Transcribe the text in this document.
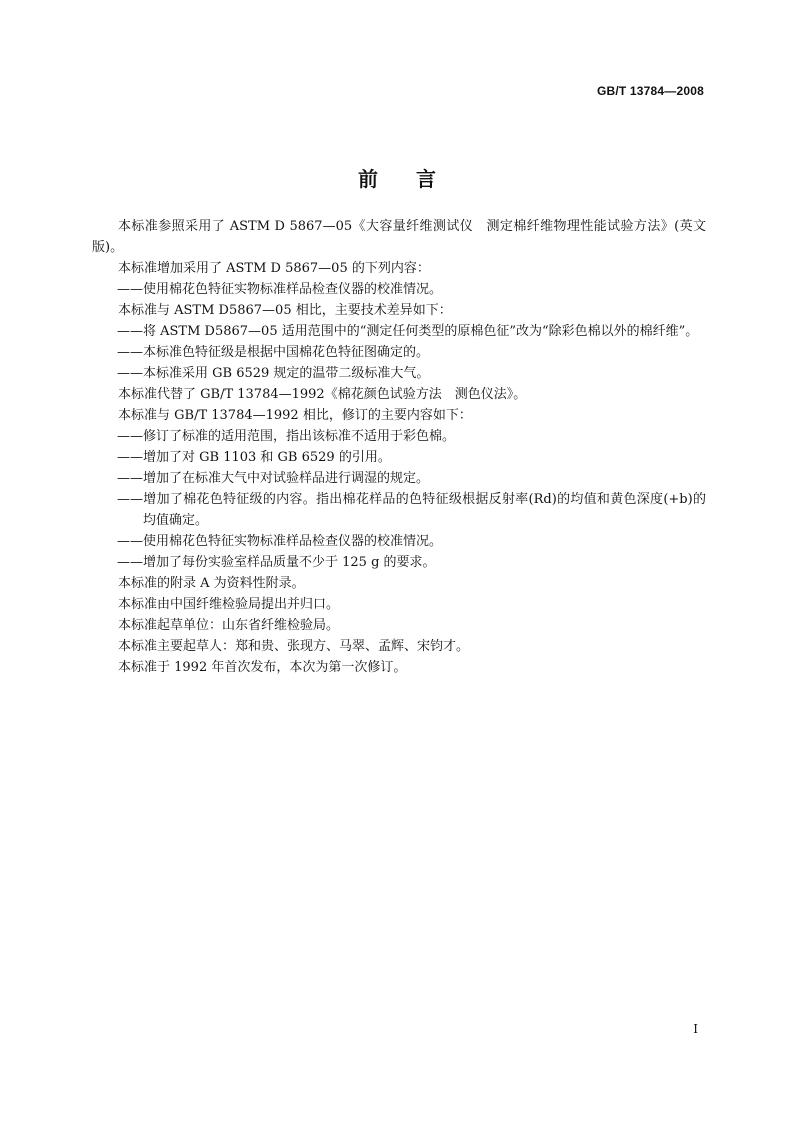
GB/T 13784—2008
前言

本标准参照采用了 ASTM D 5867—05《大容量纤维测试仪　测定棉纤维物理性能试验方法》(英文版)。

本标准增加采用了 ASTM D 5867—05 的下列内容：

——使用棉花色特征实物标准样品检查仪器的校准情况。

本标准与 ASTM D5867—05 相比，主要技术差异如下：

——将 ASTM D5867—05 适用范围中的“测定任何类型的原棉色征”改为“除彩色棉以外的棉纤维”。

——本标准色特征级是根据中国棉花色特征图确定的。

——本标准采用 GB 6529 规定的温带二级标准大气。

本标准代替了 GB/T 13784—1992《棉花颜色试验方法　测色仪法》。

本标准与 GB/T 13784—1992 相比，修订的主要内容如下：

——修订了标准的适用范围，指出该标准不适用于彩色棉。

——增加了对 GB 1103 和 GB 6529 的引用。

——增加了在标准大气中对试验样品进行调湿的规定。

——增加了棉花色特征级的内容。指出棉花样品的色特征级根据反射率(Rd)的均值和黄色深度(+b)的均值确定。

——使用棉花色特征实物标准样品检查仪器的校准情况。

——增加了每份实验室样品质量不少于 125 g 的要求。

本标准的附录 A 为资料性附录。

本标准由中国纤维检验局提出并归口。

本标准起草单位：山东省纤维检验局。

本标准主要起草人：郑和贵、张现方、马翠、孟辉、宋钧才。

本标准于 1992 年首次发布，本次为第一次修订。

I
